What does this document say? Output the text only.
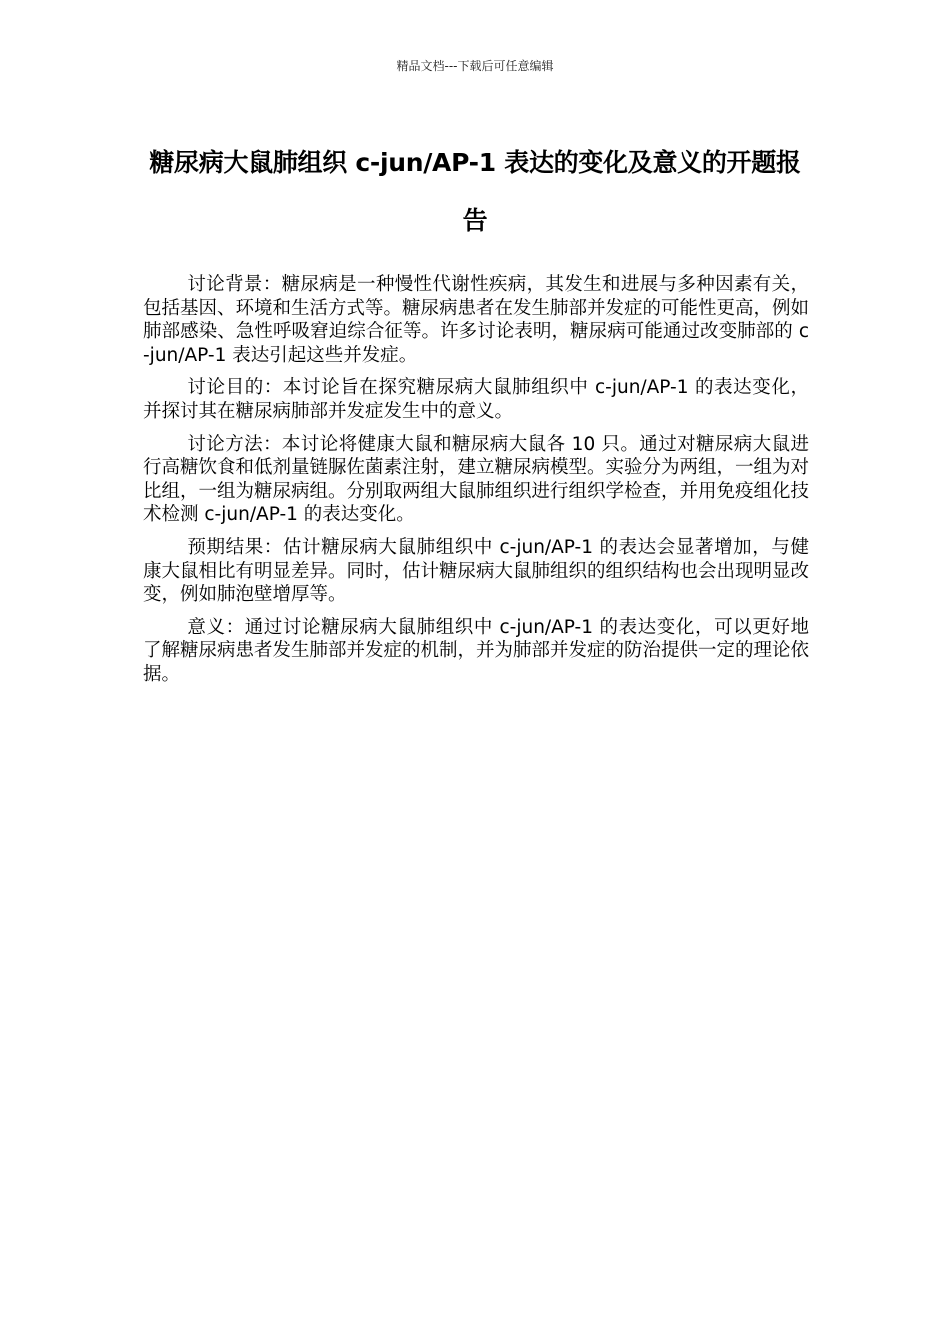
精品文档---下载后可任意编辑
糖尿病大鼠肺组织 c-jun/AP-1 表达的变化及意义的开题报告

讨论背景：糖尿病是一种慢性代谢性疾病，其发生和进展与多种因素有关，包括基因、环境和生活方式等。糖尿病患者在发生肺部并发症的可能性更高，例如肺部感染、急性呼吸窘迫综合征等。许多讨论表明，糖尿病可能通过改变肺部的 c-jun/AP-1 表达引起这些并发症。

讨论目的：本讨论旨在探究糖尿病大鼠肺组织中 c-jun/AP-1 的表达变化，并探讨其在糖尿病肺部并发症发生中的意义。

讨论方法：本讨论将健康大鼠和糖尿病大鼠各 10 只。通过对糖尿病大鼠进行高糖饮食和低剂量链脲佐菌素注射，建立糖尿病模型。实验分为两组，一组为对比组，一组为糖尿病组。分别取两组大鼠肺组织进行组织学检查，并用免疫组化技术检测 c-jun/AP-1 的表达变化。

预期结果：估计糖尿病大鼠肺组织中 c-jun/AP-1 的表达会显著增加，与健康大鼠相比有明显差异。同时，估计糖尿病大鼠肺组织的组织结构也会出现明显改变，例如肺泡壁增厚等。

意义：通过讨论糖尿病大鼠肺组织中 c-jun/AP-1 的表达变化，可以更好地了解糖尿病患者发生肺部并发症的机制，并为肺部并发症的防治提供一定的理论依据。
